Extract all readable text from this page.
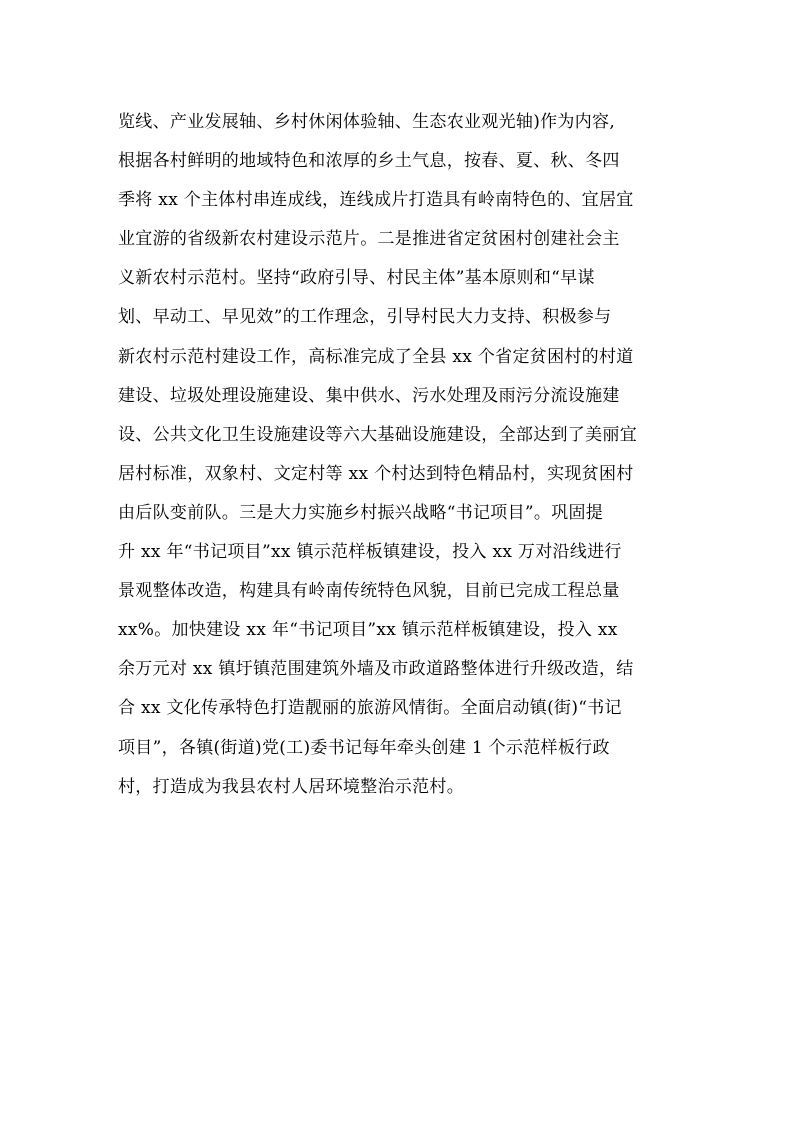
览线、产业发展轴、乡村休闲体验轴、生态农业观光轴)作为内容,
根据各村鲜明的地域特色和浓厚的乡土气息，按春、夏、秋、冬四
季将 xx 个主体村串连成线，连线成片打造具有岭南特色的、宜居宜
业宜游的省级新农村建设示范片。二是推进省定贫困村创建社会主
义新农村示范村。坚持“政府引导、村民主体”基本原则和“早谋
划、早动工、早见效”的工作理念，引导村民大力支持、积极参与
新农村示范村建设工作，高标准完成了全县 xx 个省定贫困村的村道
建设、垃圾处理设施建设、集中供水、污水处理及雨污分流设施建
设、公共文化卫生设施建设等六大基础设施建设，全部达到了美丽宜
居村标准，双象村、文定村等 xx 个村达到特色精品村，实现贫困村
由后队变前队。三是大力实施乡村振兴战略“书记项目”。巩固提
升 xx 年“书记项目”xx 镇示范样板镇建设，投入 xx 万对沿线进行
景观整体改造，构建具有岭南传统特色风貌，目前已完成工程总量
xx%。加快建设 xx 年“书记项目”xx 镇示范样板镇建设，投入 xx
余万元对 xx 镇圩镇范围建筑外墙及市政道路整体进行升级改造，结
合 xx 文化传承特色打造靓丽的旅游风情街。全面启动镇(街)“书记
项目”，各镇(街道)党(工)委书记每年牵头创建 1 个示范样板行政
村，打造成为我县农村人居环境整治示范村。
